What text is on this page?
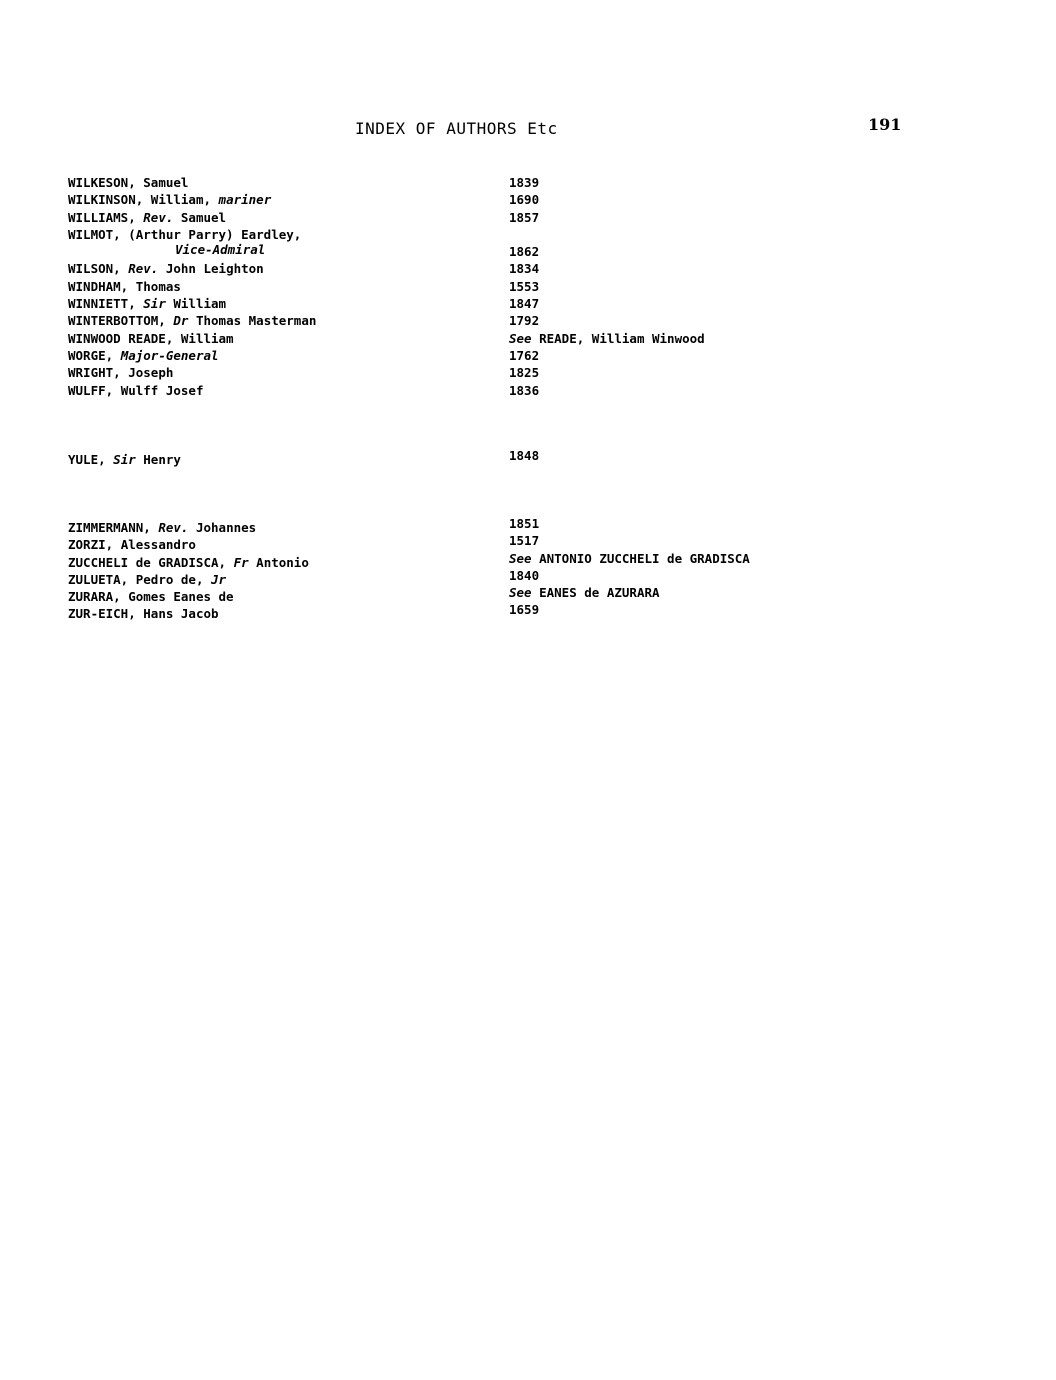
INDEX OF AUTHORS Etc	191
WILKESON, Samuel	1839
WILKINSON, William, mariner	1690
WILLIAMS, Rev. Samuel	1857
WILMOT, (Arthur Parry) Eardley,
Vice-Admiral	1862
WILSON, Rev. John Leighton	1834
WINDHAM, Thomas	1553
WINNIETT, Sir William	1847
WINTERBOTTOM, Dr Thomas Masterman	1792
WINWOOD READE, William	See READE, William Winwood
WORGE, Major-General	1762
WRIGHT, Joseph	1825
WULFF, Wulff Josef	1836
YULE, Sir Henry	1848
ZIMMERMANN, Rev. Johannes	1851
ZORZI, Alessandro	1517
ZUCCHELI de GRADISCA, Fr Antonio	See ANTONIO ZUCCHELI de GRADISCA
ZULUETA, Pedro de, Jr	1840
ZURARA, Gomes Eanes de	See EANES de AZURARA
ZUR-EICH, Hans Jacob	1659
